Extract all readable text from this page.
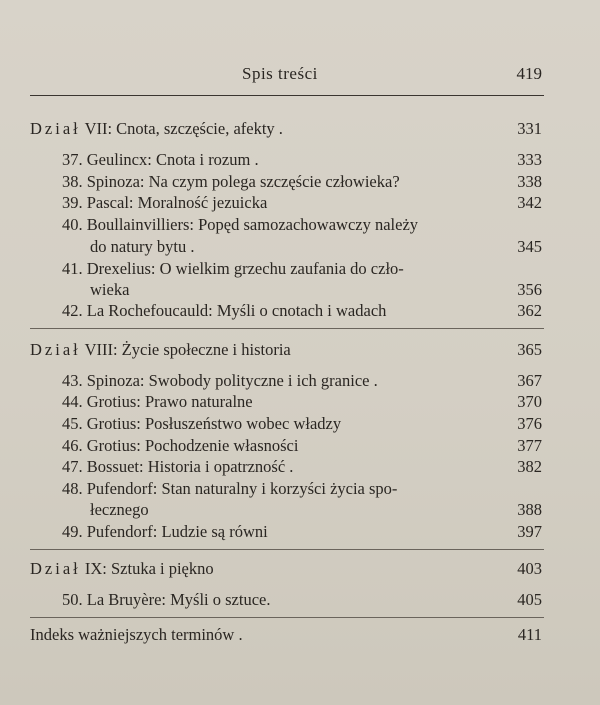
Spis treści	419
Dział VII: Cnota, szczęście, afekty .	331
37. Geulincx: Cnota i rozum .	333
38. Spinoza: Na czym polega szczęście człowieka?	338
39. Pascal: Moralność jezuicka	342
40. Boullainvilliers: Popęd samozachowawczy należy
do natury bytu .	345
41. Drexelius: O wielkim grzechu zaufania do czło-
wieka	356
42. La Rochefoucauld: Myśli o cnotach i wadach	362
Dział VIII: Życie społeczne i historia	365
43. Spinoza: Swobody polityczne i ich granice .	367
44. Grotius: Prawo naturalne	370
45. Grotius: Posłuszeństwo wobec władzy	376
46. Grotius: Pochodzenie własności	377
47. Bossuet: Historia i opatrzność .	382
48. Pufendorf: Stan naturalny i korzyści życia spo-
łecznego	388
49. Pufendorf: Ludzie są równi	397
Dział IX: Sztuka i piękno	403
50. La Bruyère: Myśli o sztuce.	405
Indeks ważniejszych terminów .	411
